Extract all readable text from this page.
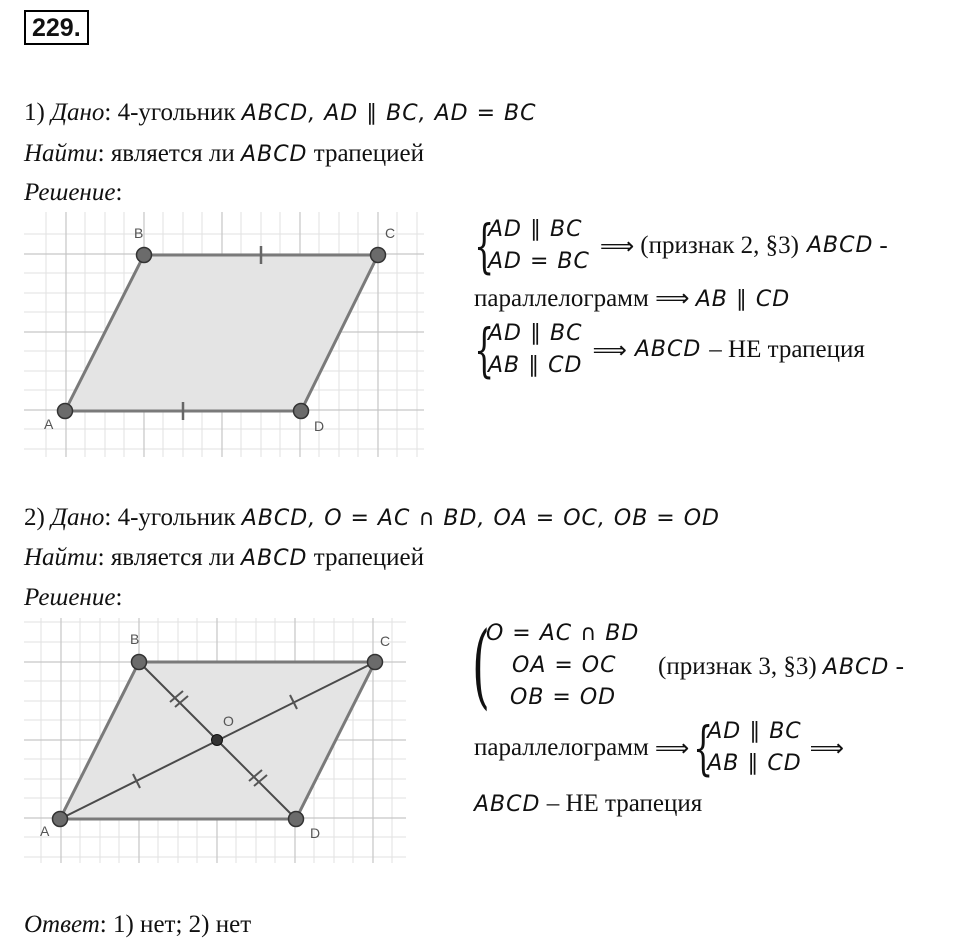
229.
1) Дано: 4-угольник ABCD, AD ∥ BC, AD = BC
Найти: является ли ABCD трапецией
Решение:
A
B	C
D
{
AD ∥ BC
AD = BC
⟹ (признак 2, §3) ABCD -
параллелограмм ⟹ AB ∥ CD
{
AD ∥ BC
AB ∥ CD
⟹ ABCD – НЕ трапеция
2) Дано: 4-угольник ABCD, O = AC ∩ BD, OA = OC, OB = OD
Найти: является ли ABCD трапецией
Решение:
A
B	C
D
O
(
O = AC ∩ BD
OA = OC
OB = OD
(признак 3, §3) ABCD -
параллелограмм ⟹ {
AD ∥ BC
AB ∥ CD
⟹
ABCD – НЕ трапеция
Ответ: 1) нет; 2) нет
